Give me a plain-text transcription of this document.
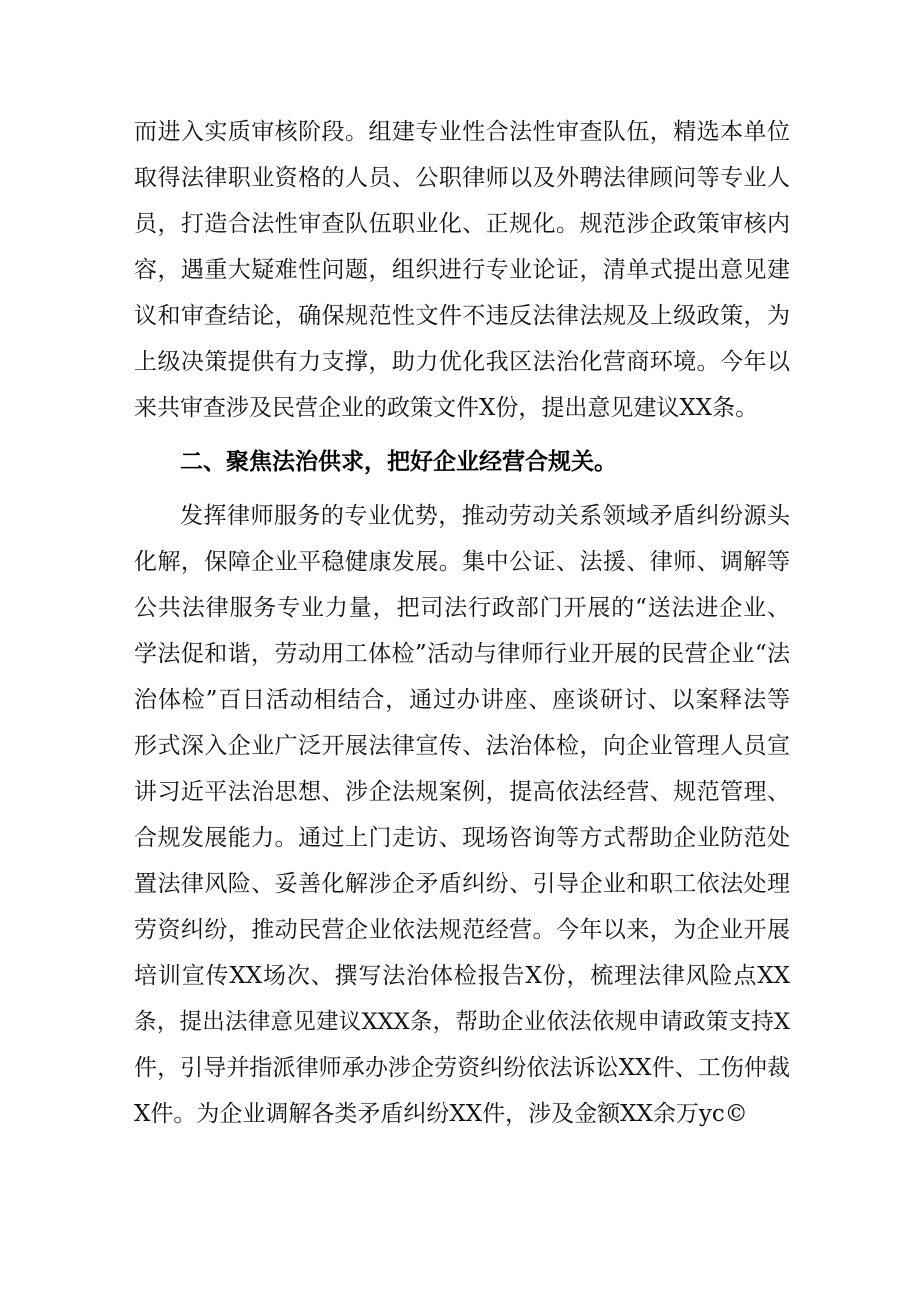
而进入实质审核阶段。组建专业性合法性审查队伍，精选本单位
取得法律职业资格的人员、公职律师以及外聘法律顾问等专业人
员，打造合法性审查队伍职业化、正规化。规范涉企政策审核内
容，遇重大疑难性问题，组织进行专业论证，清单式提出意见建
议和审查结论，确保规范性文件不违反法律法规及上级政策，为
上级决策提供有力支撑，助力优化我区法治化营商环境。今年以
来共审查涉及民营企业的政策文件X份，提出意见建议XX条。
二、聚焦法治供求，把好企业经营合规关。
发挥律师服务的专业优势，推动劳动关系领域矛盾纠纷源头
化解，保障企业平稳健康发展。集中公证、法援、律师、调解等
公共法律服务专业力量，把司法行政部门开展的“送法进企业、
学法促和谐，劳动用工体检”活动与律师行业开展的民营企业“法
治体检”百日活动相结合，通过办讲座、座谈研讨、以案释法等
形式深入企业广泛开展法律宣传、法治体检，向企业管理人员宣
讲习近平法治思想、涉企法规案例，提高依法经营、规范管理、
合规发展能力。通过上门走访、现场咨询等方式帮助企业防范处
置法律风险、妥善化解涉企矛盾纠纷、引导企业和职工依法处理
劳资纠纷，推动民营企业依法规范经营。今年以来，为企业开展
培训宣传XX场次、撰写法治体检报告X份，梳理法律风险点XX
条，提出法律意见建议XXX条，帮助企业依法依规申请政策支持X
件，引导并指派律师承办涉企劳资纠纷依法诉讼XX件、工伤仲裁
X件。为企业调解各类矛盾纠纷XX件，涉及金额XX余万yc©
